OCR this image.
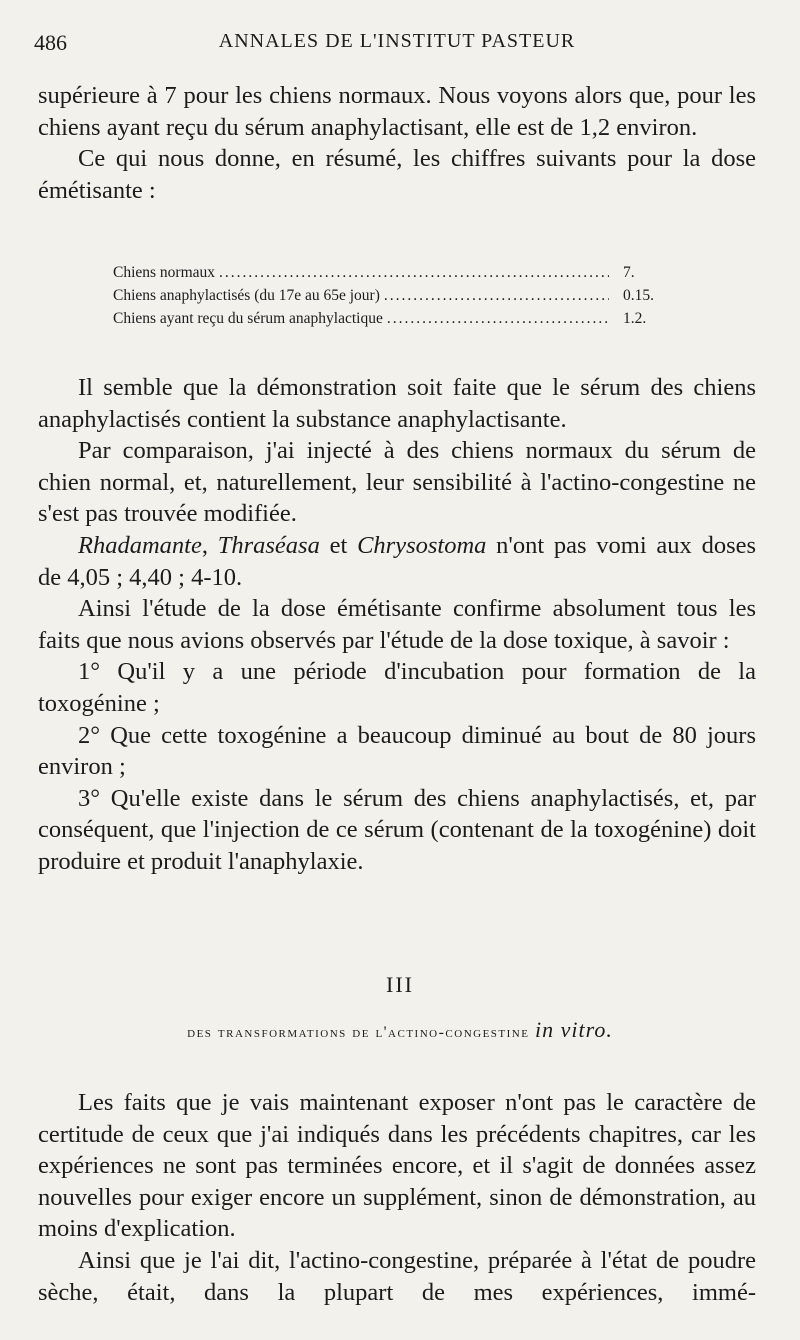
486	ANNALES DE L'INSTITUT PASTEUR

supérieure à 7 pour les chiens normaux. Nous voyons alors que, pour les chiens ayant reçu du sérum anaphylactisant, elle est de 1,2 environ.

Ce qui nous donne, en résumé, les chiffres suivants pour la dose émétisante :

Chiens normaux .....	7.
Chiens anaphylactisés (du 17e au 65e jour) .....	0.15.
Chiens ayant reçu du sérum anaphylactique .....	1.2.

Il semble que la démonstration soit faite que le sérum des chiens anaphylactisés contient la substance anaphylactisante.

Par comparaison, j'ai injecté à des chiens normaux du sérum de chien normal, et, naturellement, leur sensibilité à l'actino-congestine ne s'est pas trouvée modifiée.

Rhadamante, Thraséasa et Chrysostoma n'ont pas vomi aux doses de 4,05 ; 4,40 ; 4-10.

Ainsi l'étude de la dose émétisante confirme absolument tous les faits que nous avions observés par l'étude de la dose toxique, à savoir :

1° Qu'il y a une période d'incubation pour formation de la toxogénine ;

2° Que cette toxogénine a beaucoup diminué au bout de 80 jours environ ;

3° Qu'elle existe dans le sérum des chiens anaphylactisés, et, par conséquent, que l'injection de ce sérum (contenant de la toxogénine) doit produire et produit l'anaphylaxie.

III
des transformations de l'actino-congestine in vitro.

Les faits que je vais maintenant exposer n'ont pas le caractère de certitude de ceux que j'ai indiqués dans les précédents chapitres, car les expériences ne sont pas terminées encore, et il s'agit de données assez nouvelles pour exiger encore un supplément, sinon de démonstration, au moins d'explication.

Ainsi que je l'ai dit, l'actino-congestine, préparée à l'état de poudre sèche, était, dans la plupart de mes expériences, immé-
